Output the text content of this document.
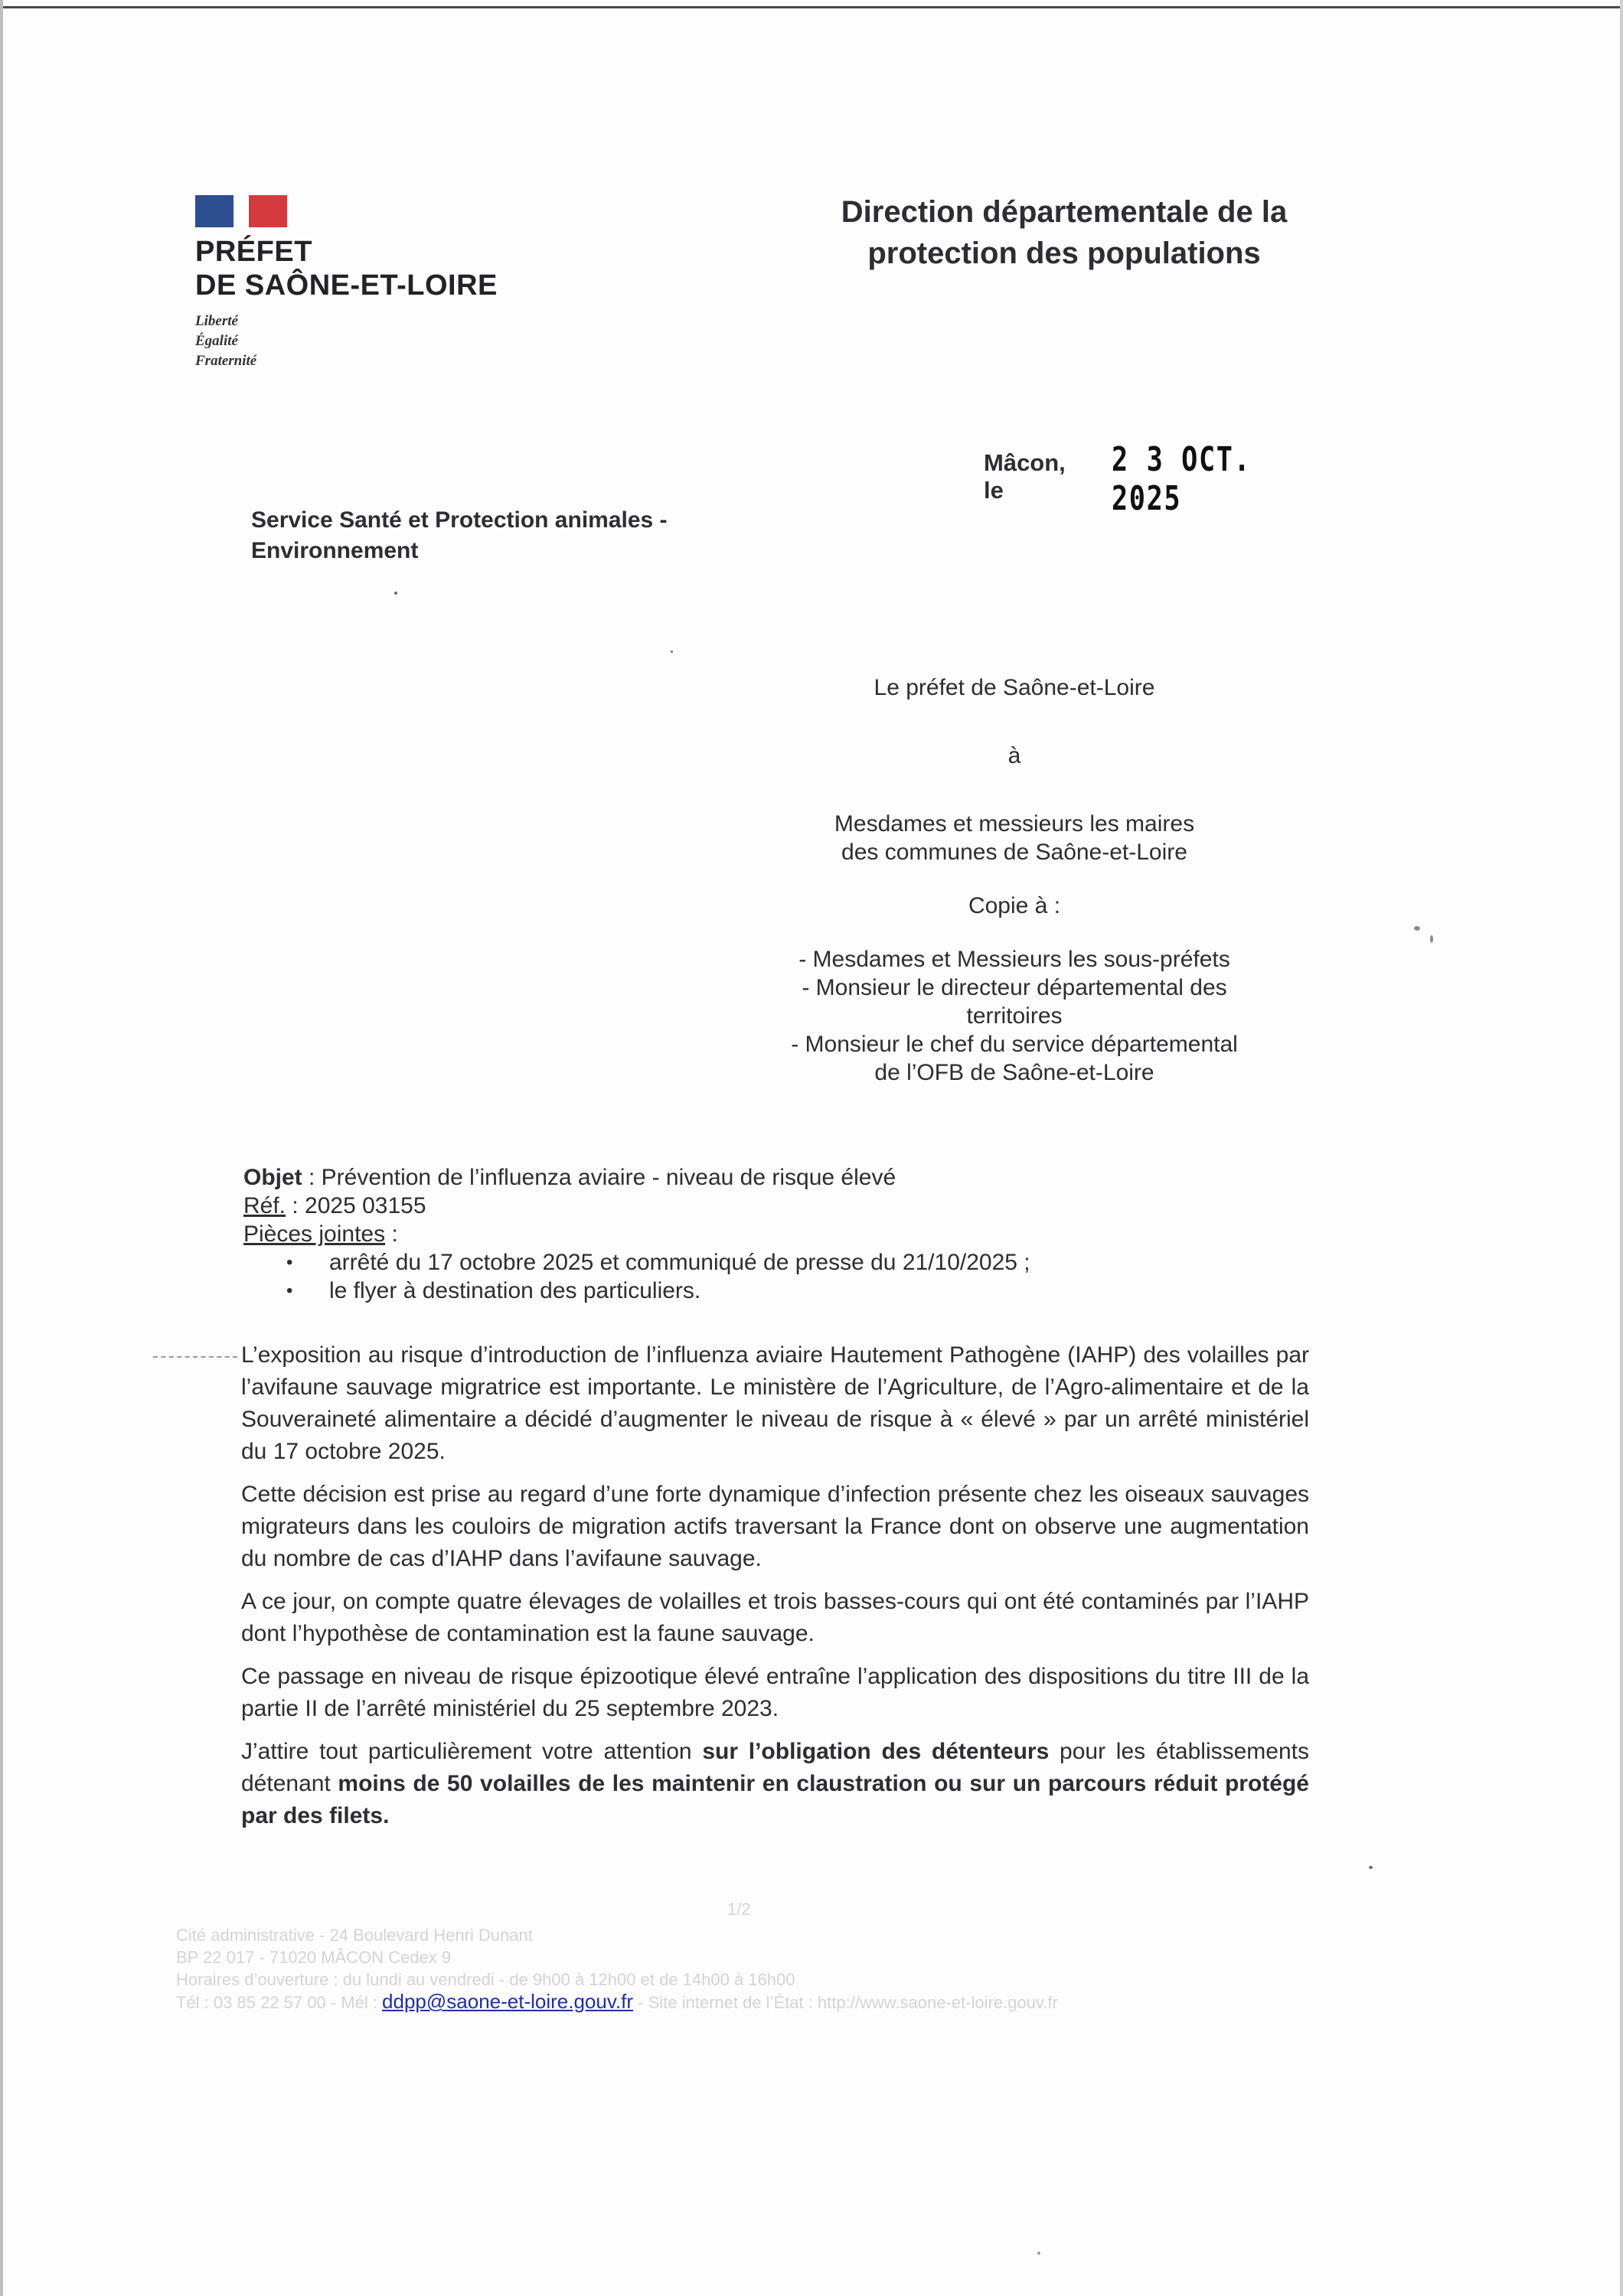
PRÉFET
DE SAÔNE-ET-LOIRE
Liberté
Égalité
Fraternité
Direction départementale de la
protection des populations
Mâcon, le
2 3 OCT. 2025
Service Santé et Protection animales -
Environnement
Le préfet de Saône-et-Loire
à
Mesdames et messieurs les maires
des communes de Saône-et-Loire
Copie à :
- Mesdames et Messieurs les sous-préfets
- Monsieur le directeur départemental des
territoires
- Monsieur le chef du service départemental
de l’OFB de Saône-et-Loire
Objet : Prévention de l’influenza aviaire - niveau de risque élevé
Réf. : 2025 03155
Pièces jointes :
• arrêté du 17 octobre 2025 et communiqué de presse du 21/10/2025 ;
• le flyer à destination des particuliers.

L’exposition au risque d’introduction de l’influenza aviaire Hautement Pathogène (IAHP) des volailles par l’avifaune sauvage migratrice est importante. Le ministère de l’Agriculture, de l’Agro-alimentaire et de la Souveraineté alimentaire a décidé d’augmenter le niveau de risque à « élevé » par un arrêté ministériel du 17 octobre 2025.

Cette décision est prise au regard d’une forte dynamique d’infection présente chez les oiseaux sauvages migrateurs dans les couloirs de migration actifs traversant la France dont on observe une augmentation du nombre de cas d’IAHP dans l’avifaune sauvage.

A ce jour, on compte quatre élevages de volailles et trois basses-cours qui ont été contaminés par l’IAHP dont l’hypothèse de contamination est la faune sauvage.

Ce passage en niveau de risque épizootique élevé entraîne l’application des dispositions du titre III de la partie II de l’arrêté ministériel du 25 septembre 2023.

J’attire tout particulièrement votre attention sur l’obligation des détenteurs pour les établissements détenant moins de 50 volailles de les maintenir en claustration ou sur un parcours réduit protégé par des filets.

1/2
Cité administrative - 24 Boulevard Henri Dunant
BP 22 017 - 71020 MÂCON Cedex 9
Horaires d’ouverture : du lundi au vendredi - de 9h00 à 12h00 et de 14h00 à 16h00
Tél : 03 85 22 57 00 - Mél : ddpp@saone-et-loire.gouv.fr - Site internet de l’État : http://www.saone-et-loire.gouv.fr
